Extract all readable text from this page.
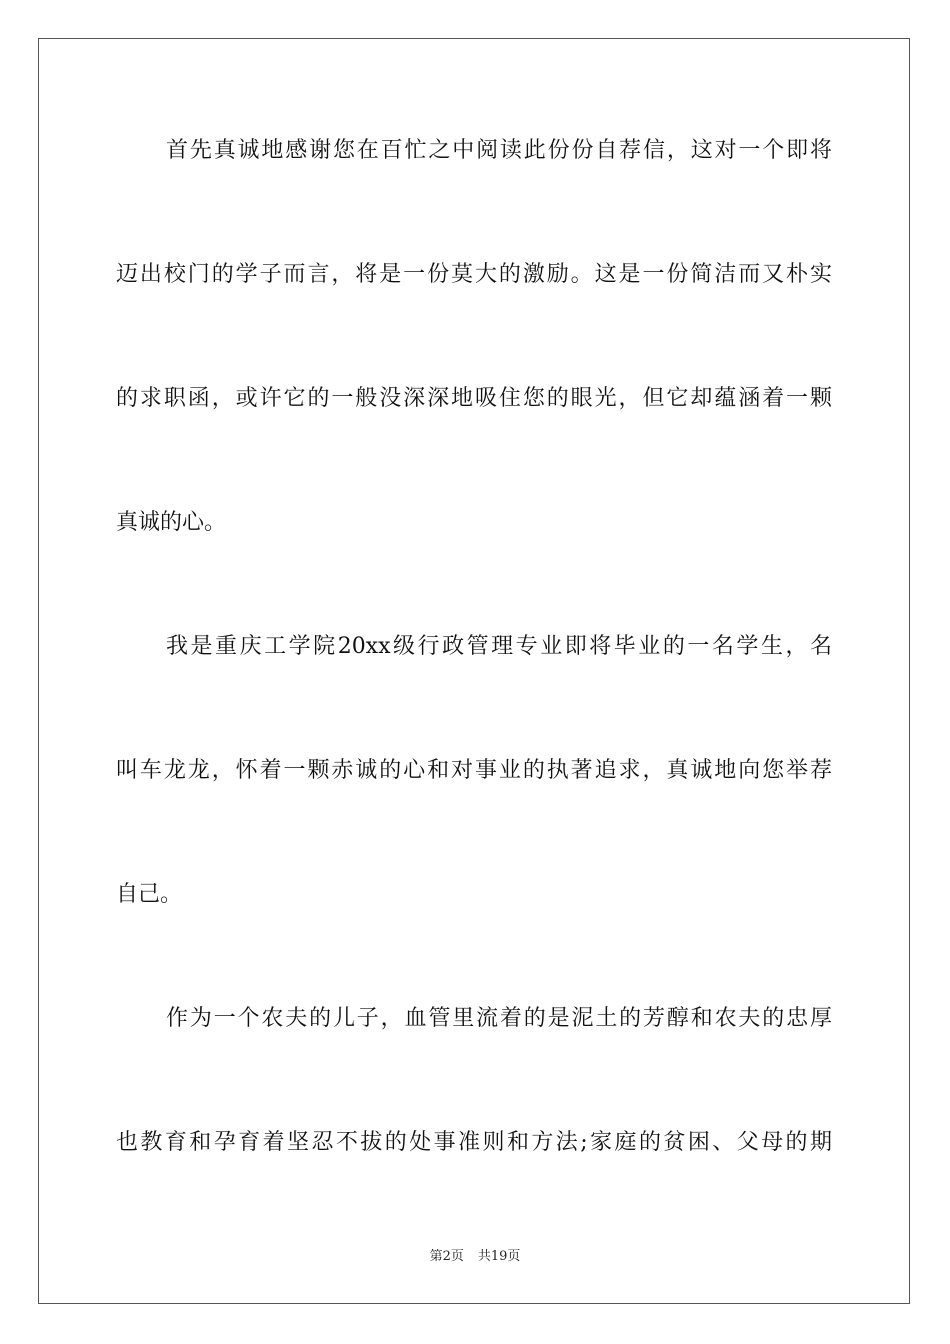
首先真诚地感谢您在百忙之中阅读此份份自荐信，这对一个即将
迈出校门的学子而言，将是一份莫大的激励。这是一份简洁而又朴实
的求职函，或许它的一般没深深地吸住您的眼光，但它却蕴涵着一颗
真诚的心。
我是重庆工学院20xx级行政管理专业即将毕业的一名学生，名
叫车龙龙，怀着一颗赤诚的心和对事业的执著追求，真诚地向您举荐
自己。
作为一个农夫的儿子，血管里流着的是泥土的芳醇和农夫的忠厚
也教育和孕育着坚忍不拔的处事准则和方法;家庭的贫困、父母的期
第2页 共19页
